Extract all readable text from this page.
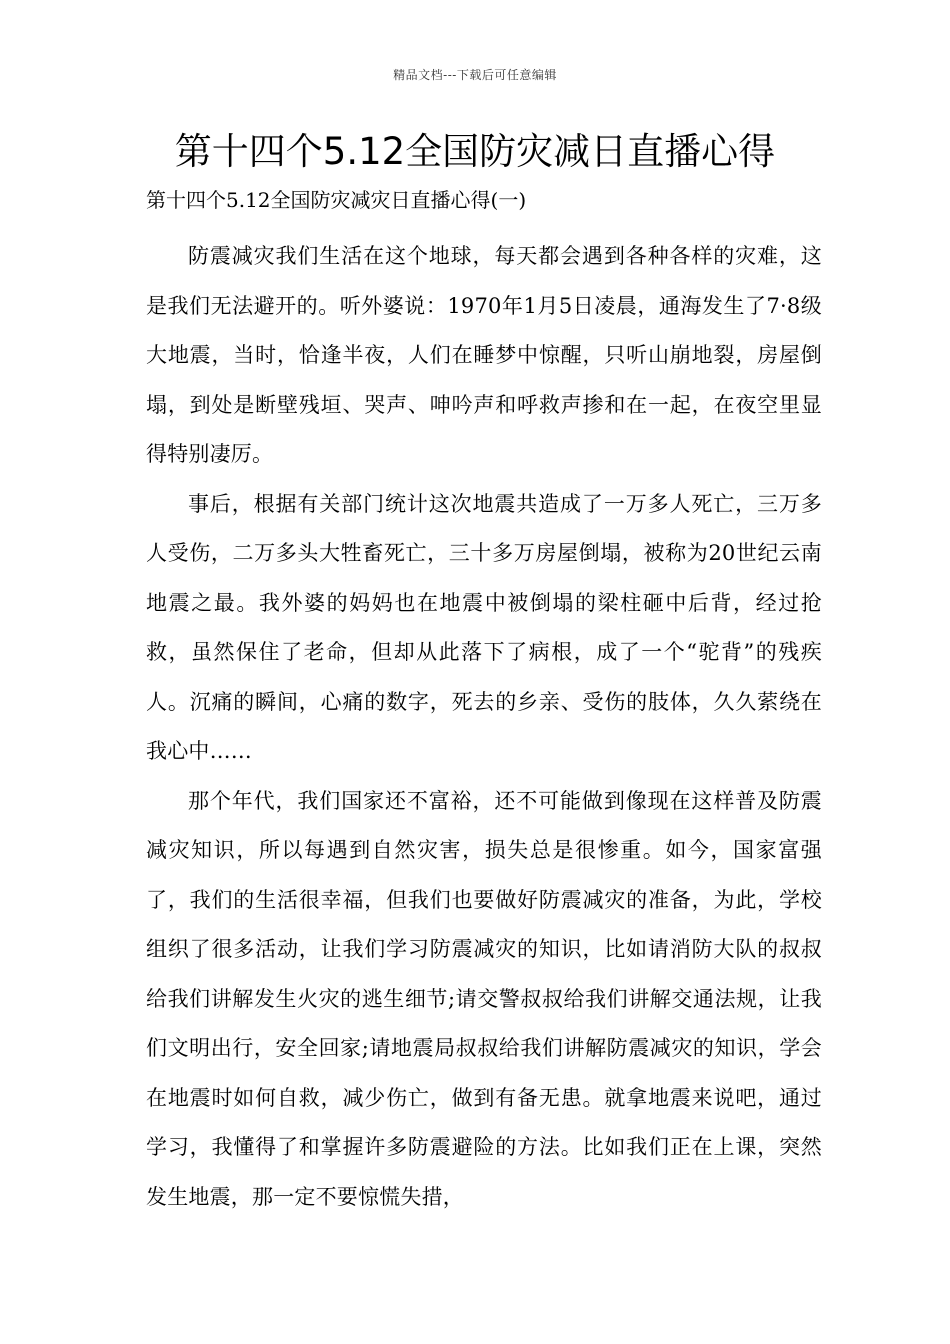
精品文档---下载后可任意编辑
第十四个5.12全国防灾减日直播心得

第十四个5.12全国防灾减灾日直播心得(一)

防震减灾我们生活在这个地球，每天都会遇到各种各样的灾难，这是我们无法避开的。听外婆说：1970年1月5日凌晨，通海发生了7·8级大地震，当时，恰逢半夜，人们在睡梦中惊醒，只听山崩地裂，房屋倒塌，到处是断壁残垣、哭声、呻吟声和呼救声掺和在一起，在夜空里显得特别凄厉。

事后，根据有关部门统计这次地震共造成了一万多人死亡，三万多人受伤，二万多头大牲畜死亡，三十多万房屋倒塌，被称为20世纪云南地震之最。我外婆的妈妈也在地震中被倒塌的梁柱砸中后背，经过抢救，虽然保住了老命，但却从此落下了病根，成了一个“驼背”的残疾人。沉痛的瞬间，心痛的数字，死去的乡亲、受伤的肢体，久久萦绕在我心中……

那个年代，我们国家还不富裕，还不可能做到像现在这样普及防震减灾知识，所以每遇到自然灾害，损失总是很惨重。如今，国家富强了，我们的生活很幸福，但我们也要做好防震减灾的准备，为此，学校组织了很多活动，让我们学习防震减灾的知识，比如请消防大队的叔叔给我们讲解发生火灾的逃生细节;请交警叔叔给我们讲解交通法规，让我们文明出行，安全回家;请地震局叔叔给我们讲解防震减灾的知识，学会在地震时如何自救，减少伤亡，做到有备无患。就拿地震来说吧，通过学习，我懂得了和掌握许多防震避险的方法。比如我们正在上课，突然发生地震，那一定不要惊慌失措，
